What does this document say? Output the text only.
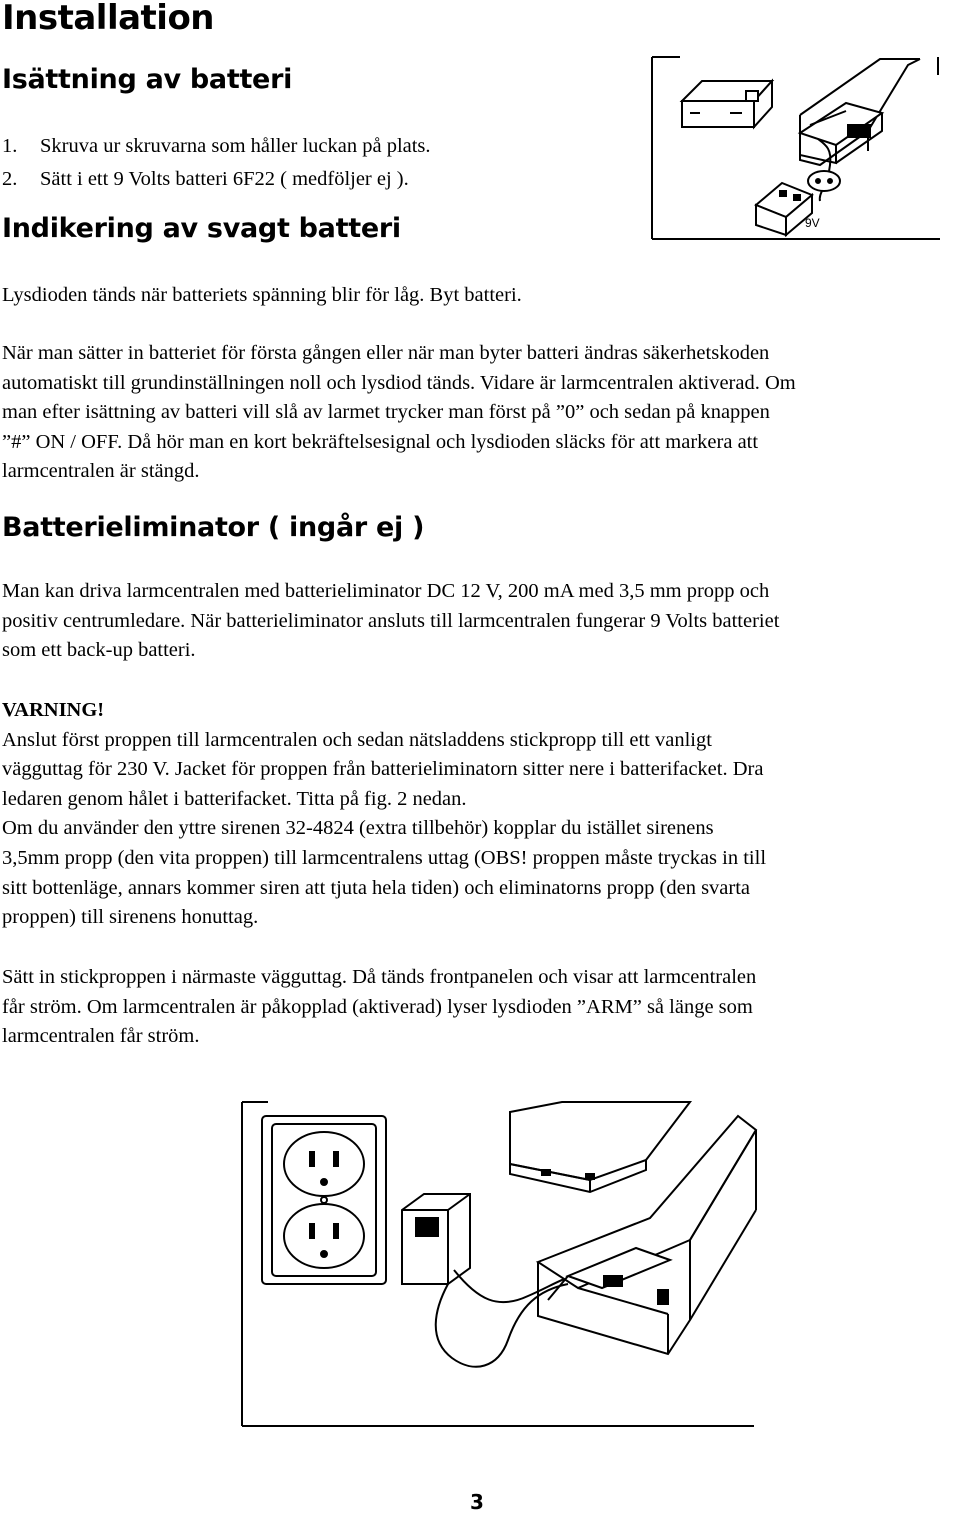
Installation
Isättning av batteri
1.	Skruva ur skruvarna som håller luckan på plats.
2.	Sätt i ett 9 Volts batteri 6F22 ( medföljer ej ).
9V
Indikering av svagt batteri

Lysdioden tänds när batteriets spänning blir för låg. Byt batteri.

När man sätter in batteriet för första gången eller när man byter batteri ändras säkerhetskoden
automatiskt till grundinställningen noll och lysdiod tänds. Vidare är larmcentralen aktiverad. Om
man efter isättning av batteri vill slå av larmet trycker man först på ”0” och sedan på knappen
”#” ON / OFF. Då hör man en kort bekräftelsesignal och lysdioden släcks för att markera att
larmcentralen är stängd.
Batterieliminator ( ingår ej )
Man kan driva larmcentralen med batterieliminator DC 12 V, 200 mA med 3,5 mm propp och
positiv centrumledare. När batterieliminator ansluts till larmcentralen fungerar 9 Volts batteriet
som ett back-up batteri.
VARNING!
Anslut först proppen till larmcentralen och sedan nätsladdens stickpropp till ett vanligt
vägguttag för 230 V. Jacket för proppen från batterieliminatorn sitter nere i batterifacket. Dra
ledaren genom hålet i batterifacket. Titta på fig. 2 nedan.
Om du använder den yttre sirenen 32-4824 (extra tillbehör) kopplar du istället sirenens
3,5mm propp (den vita proppen) till larmcentralens uttag (OBS! proppen måste tryckas in till
sitt bottenläge, annars kommer siren att tjuta hela tiden) och eliminatorns propp (den svarta
proppen) till sirenens honuttag.
Sätt in stickproppen i närmaste vägguttag. Då tänds frontpanelen och visar att larmcentralen
får ström. Om larmcentralen är påkopplad (aktiverad) lyser lysdioden ”ARM” så länge som
larmcentralen får ström.
3
